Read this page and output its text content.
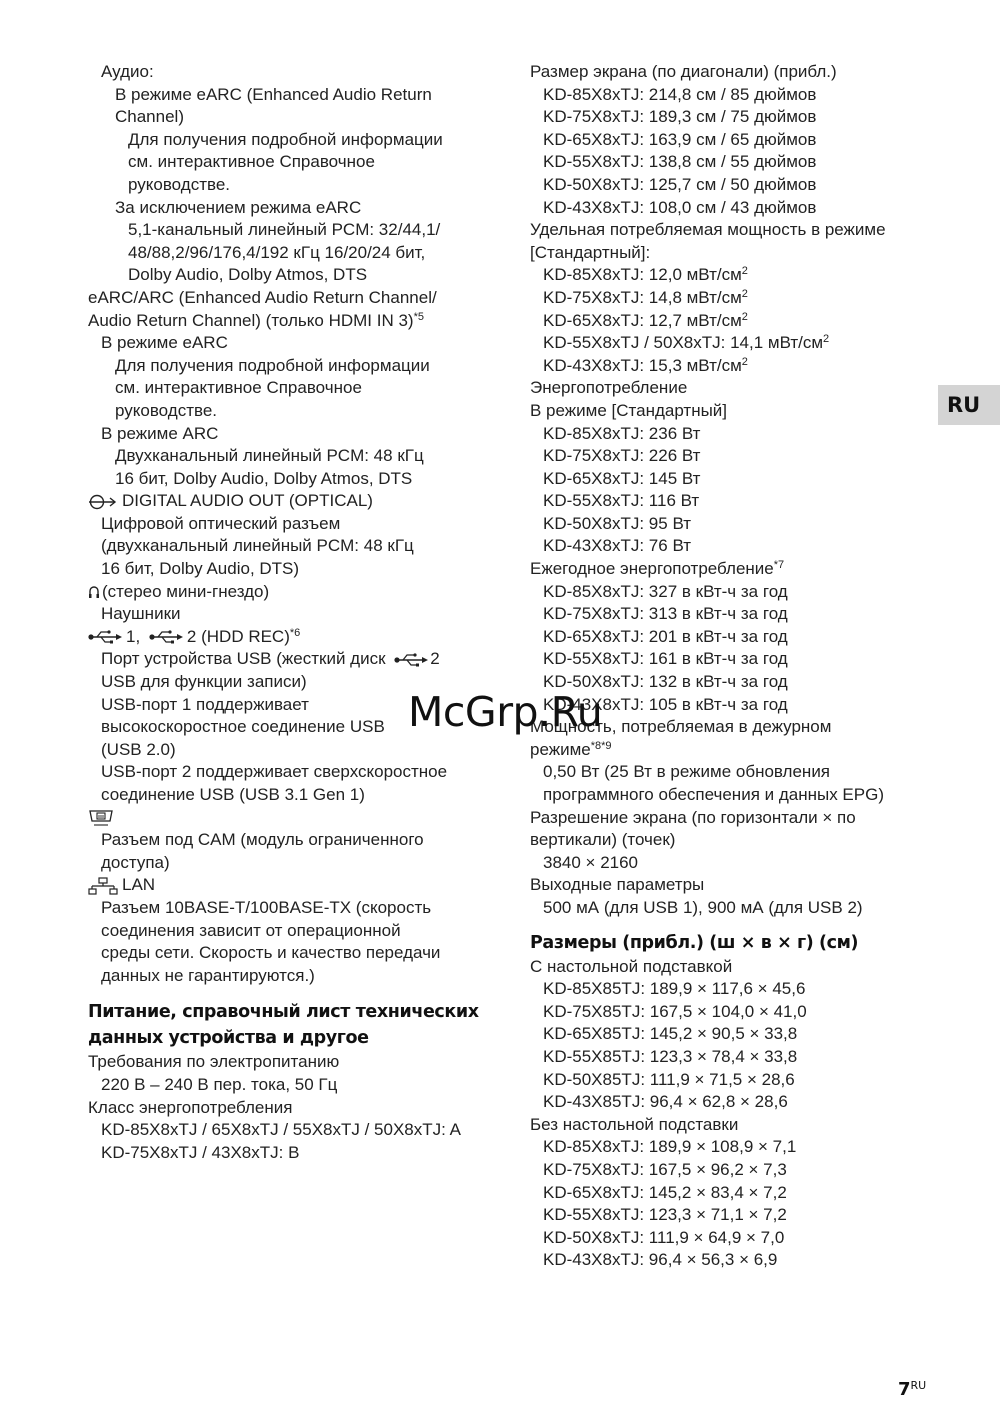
Аудио:
В режиме eARC (Enhanced Audio Return
Channel)
Для получения подробной информации
см. интерактивное Справочное
руководстве.
За исключением режима eARC
5,1-канальный линейный PCM: 32/44,1/
48/88,2/96/176,4/192 кГц 16/20/24 бит,
Dolby Audio, Dolby Atmos, DTS
eARC/ARC (Enhanced Audio Return Channel/
Audio Return Channel) (только HDMI IN 3)$^{*5}$
В режиме eARC
Для получения подробной информации
см. интерактивное Справочное
руководстве.
В режиме ARC
Двухканальный линейный PCM: 48 кГц
16 бит, Dolby Audio, Dolby Atmos, DTS
DIGITAL AUDIO OUT (OPTICAL)
Цифровой оптический разъем
(двухканальный линейный PCM: 48 кГц
16 бит, Dolby Audio, DTS)
(стерео мини-гнездо)
Наушники
1,	2 (HDD REC)$^{*6}$
Порт устройства USB (жесткий диск	2
USB для функции записи)
USB-порт 1 поддерживает
высокоскоростное соединение USB
(USB 2.0)
USB-порт 2 поддерживает сверхскоростное
соединение USB (USB 3.1 Gen 1)
Разъем под CAM (модуль ограниченного
доступа)
LAN
Разъем 10BASE-T/100BASE-TX (скорость
соединения зависит от операционной
среды сети. Скорость и качество передачи
данных не гарантируются.)
Питание, справочный лист технических
данных устройства и другое
Требования по электропитанию
220 В – 240 В пер. тока, 50 Гц
Класс энергопотребления
KD-85X8xTJ / 65X8xTJ / 55X8xTJ / 50X8xTJ: A
KD-75X8xTJ / 43X8xTJ: B
Размер экрана (по диагонали) (прибл.)
KD-85X8xTJ: 214,8 см / 85 дюймов
KD-75X8xTJ: 189,3 см / 75 дюймов
KD-65X8xTJ: 163,9 см / 65 дюймов
KD-55X8xTJ: 138,8 см / 55 дюймов
KD-50X8xTJ: 125,7 см / 50 дюймов
KD-43X8xTJ: 108,0 см / 43 дюймов
Удельная потребляемая мощность в режиме
[Стандартный]:
KD-85X8xTJ: 12,0 мВт/$см^2$
KD-75X8xTJ: 14,8 мВт/$см^2$
KD-65X8xTJ: 12,7 мВт/$см^2$
KD-55X8xTJ / 50X8xTJ: 14,1 мВт/$см^2$
KD-43X8xTJ: 15,3 мВт/$см^2$
Энергопотребление
В режиме [Стандартный]
KD-85X8xTJ: 236 Вт
KD-75X8xTJ: 226 Вт
KD-65X8xTJ: 145 Вт
KD-55X8xTJ: 116 Вт
KD-50X8xTJ: 95 Вт
KD-43X8xTJ: 76 Вт
Ежегодное энергопотребление$^{*7}$
KD-85X8xTJ: 327 в кВт-ч за год
KD-75X8xTJ: 313 в кВт-ч за год
KD-65X8xTJ: 201 в кВт-ч за год
KD-55X8xTJ: 161 в кВт-ч за год
KD-50X8xTJ: 132 в кВт-ч за год
KD-43X8xTJ: 105 в кВт-ч за год
Мощность, потребляемая в дежурном
режиме$^{*8*9}$
0,50 Вт (25 Вт в режиме обновления
программного обеспечения и данных EPG)
Разрешение экрана (по горизонтали × по
вертикали) (точек)
3840 × 2160
Выходные параметры
500 мА (для USB 1), 900 мА (для USB 2)
Размеры (прибл.) (ш × в × г) (см)
С настольной подставкой
KD-85X85TJ: 189,9 × 117,6 × 45,6
KD-75X85TJ: 167,5 × 104,0 × 41,0
KD-65X85TJ: 145,2 × 90,5 × 33,8
KD-55X85TJ: 123,3 × 78,4 × 33,8
KD-50X85TJ: 111,9 × 71,5 × 28,6
KD-43X85TJ: 96,4 × 62,8 × 28,6
Без настольной подставки
KD-85X8xTJ: 189,9 × 108,9 × 7,1
KD-75X8xTJ: 167,5 × 96,2 × 7,3
KD-65X8xTJ: 145,2 × 83,4 × 7,2
KD-55X8xTJ: 123,3 × 71,1 × 7,2
KD-50X8xTJ: 111,9 × 64,9 × 7,0
KD-43X8xTJ: 96,4 × 56,3 × 6,9
RU
McGrp.Ru
$7^{RU}$
